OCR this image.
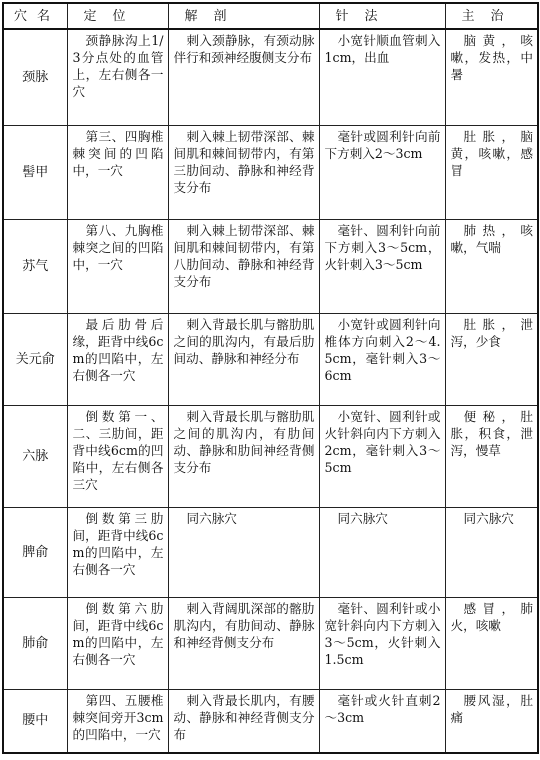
穴名	定位	解剖	针法	主治
颈脉	颈静脉沟上1/3分点处的血管上，左右侧各一穴	刺入颈静脉，有颈动脉伴行和颈神经腹侧支分布	小宽针顺血管刺入1cm，出血	脑黄，咳嗽，发热，中暑

髻甲	第三、四胸椎棘突间的凹陷中，一穴	刺入棘上韧带深部、棘间肌和棘间韧带内，有第三肋间动、静脉和神经背支分布	毫针或圆利针向前下方刺入2～3cm	肚胀，脑黄，咳嗽，感冒

苏气	第八、九胸椎棘突之间的凹陷中，一穴	刺入棘上韧带深部、棘间肌和棘间韧带内，有第八肋间动、静脉和神经背支分布	毫针、圆利针向前下方刺入3～5cm，火针刺入3～5cm	肺热，咳嗽，气喘

关元俞	最后肋骨后缘，距背中线6cm的凹陷中，左右侧各一穴	刺入背最长肌与髂肋肌之间的肌沟内，有最后肋间动、静脉和神经分布	小宽针或圆利针向椎体方向刺入2～4.5cm，毫针刺入3～6cm	肚胀，泄泻，少食

六脉	倒数第一、二、三肋间，距背中线6cm的凹陷中，左右侧各三穴	刺入背最长肌与髂肋肌之间的肌沟内，有肋间动、静脉和肋间神经背侧支分布	小宽针、圆利针或火针斜向内下方刺入2cm，毫针刺入3～5cm	便秘，肚胀，积食，泄泻，慢草

脾俞	倒数第三肋间，距背中线6cm的凹陷中，左右侧各一穴	同六脉穴	同六脉穴	同六脉穴

肺俞	倒数第六肋间，距背中线6cm的凹陷中，左右侧各一穴	刺入背阔肌深部的髂肋肌沟内，有肋间动、静脉和神经背侧支分布	毫针、圆利针或小宽针斜向内下方刺入3～5cm，火针刺入1.5cm	感冒，肺火，咳嗽

腰中	第四、五腰椎棘突间旁开3cm的凹陷中，一穴	刺入背最长肌内，有腰动、静脉和神经背侧支分布	毫针或火针直刺2～3cm	腰风湿，肚痛
